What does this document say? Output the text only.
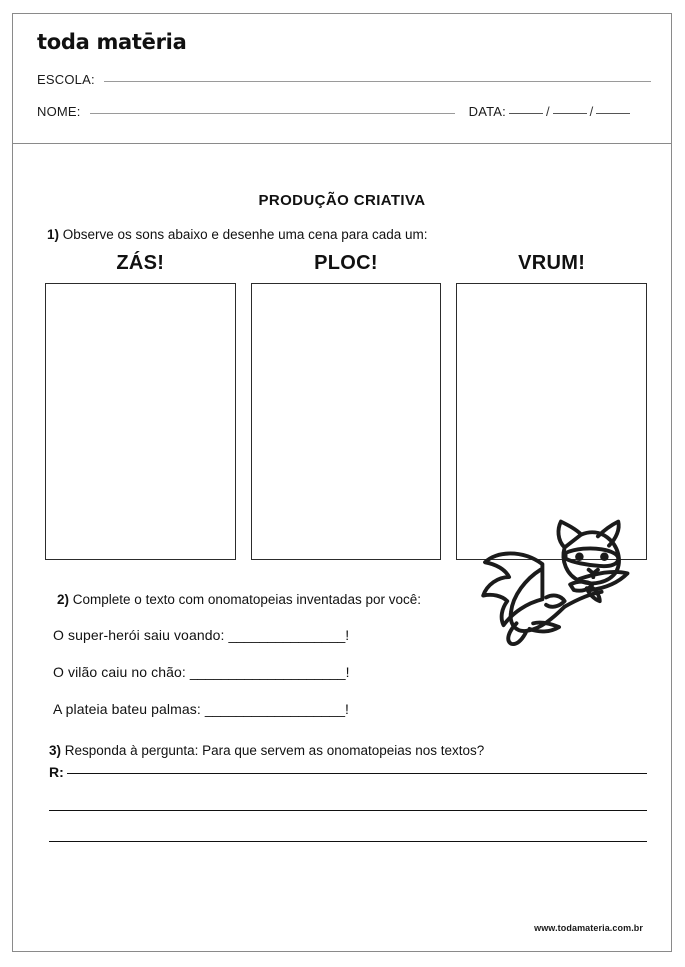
toda matēria
ESCOLA:
NOME:	DATA:	/	/
PRODUÇÃO CRIATIVA
1) Observe os sons abaixo e desenhe uma cena para cada um:
ZÁS!	PLOC!	VRUM!
2) Complete o texto com onomatopeias inventadas por você:
O super-herói saiu voando: _______________!
O vilão caiu no chão: ____________________!
A plateia bateu palmas: __________________!
3) Responda à pergunta: Para que servem as onomatopeias nos textos?
R:
www.todamateria.com.br
